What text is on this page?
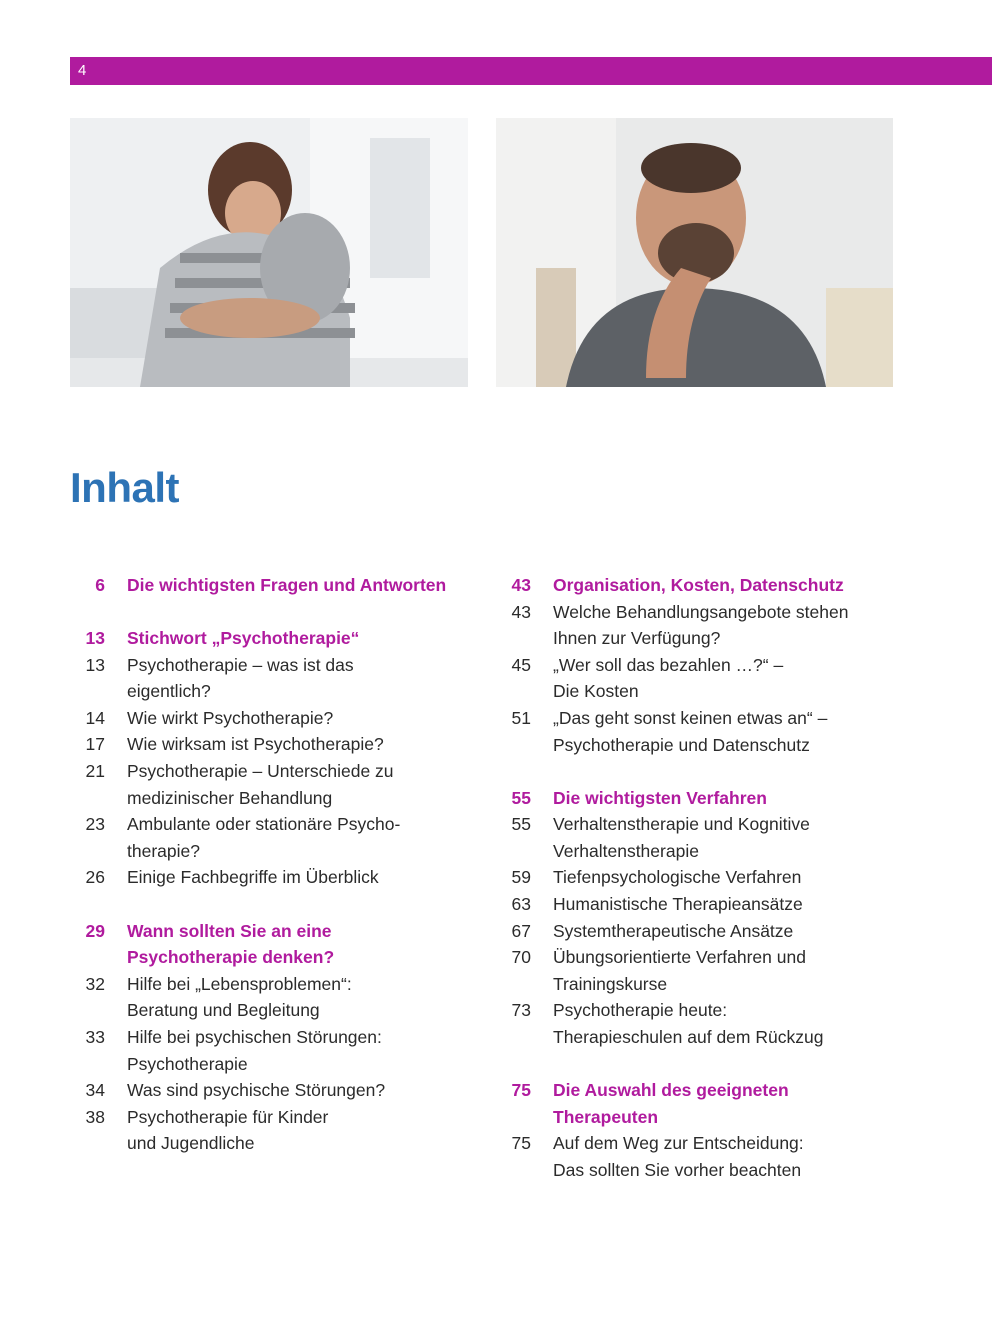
4
Inhalt
6	Die wichtigsten Fragen und Antworten
13	Stichwort „Psychotherapie“
13	Psychotherapie – was ist das
eigentlich?
14	Wie wirkt Psychotherapie?
17	Wie wirksam ist Psychotherapie?
21	Psychotherapie – Unterschiede zu
medizinischer Behandlung
23	Ambulante oder stationäre Psycho-
therapie?
26	Einige Fachbegriffe im Überblick
29	Wann sollten Sie an eine
Psychotherapie denken?
32	Hilfe bei „Lebensproblemen“:
Beratung und Begleitung
33	Hilfe bei psychischen Störungen:
Psychotherapie
34	Was sind psychische Störungen?
38	Psychotherapie für Kinder
und Jugendliche
43	Organisation, Kosten, Datenschutz
43	Welche Behandlungsangebote stehen
Ihnen zur Verfügung?
45	„Wer soll das bezahlen …?“ –
Die Kosten
51	„Das geht sonst keinen etwas an“ –
Psychotherapie und Datenschutz
55	Die wichtigsten Verfahren
55	Verhaltenstherapie und Kognitive
Verhaltenstherapie
59	Tiefenpsychologische Verfahren
63	Humanistische Therapieansätze
67	Systemtherapeutische Ansätze
70	Übungsorientierte Verfahren und
Trainingskurse
73	Psychotherapie heute:
Therapieschulen auf dem Rückzug
75	Die Auswahl des geeigneten
Therapeuten
75	Auf dem Weg zur Entscheidung:
Das sollten Sie vorher beachten
